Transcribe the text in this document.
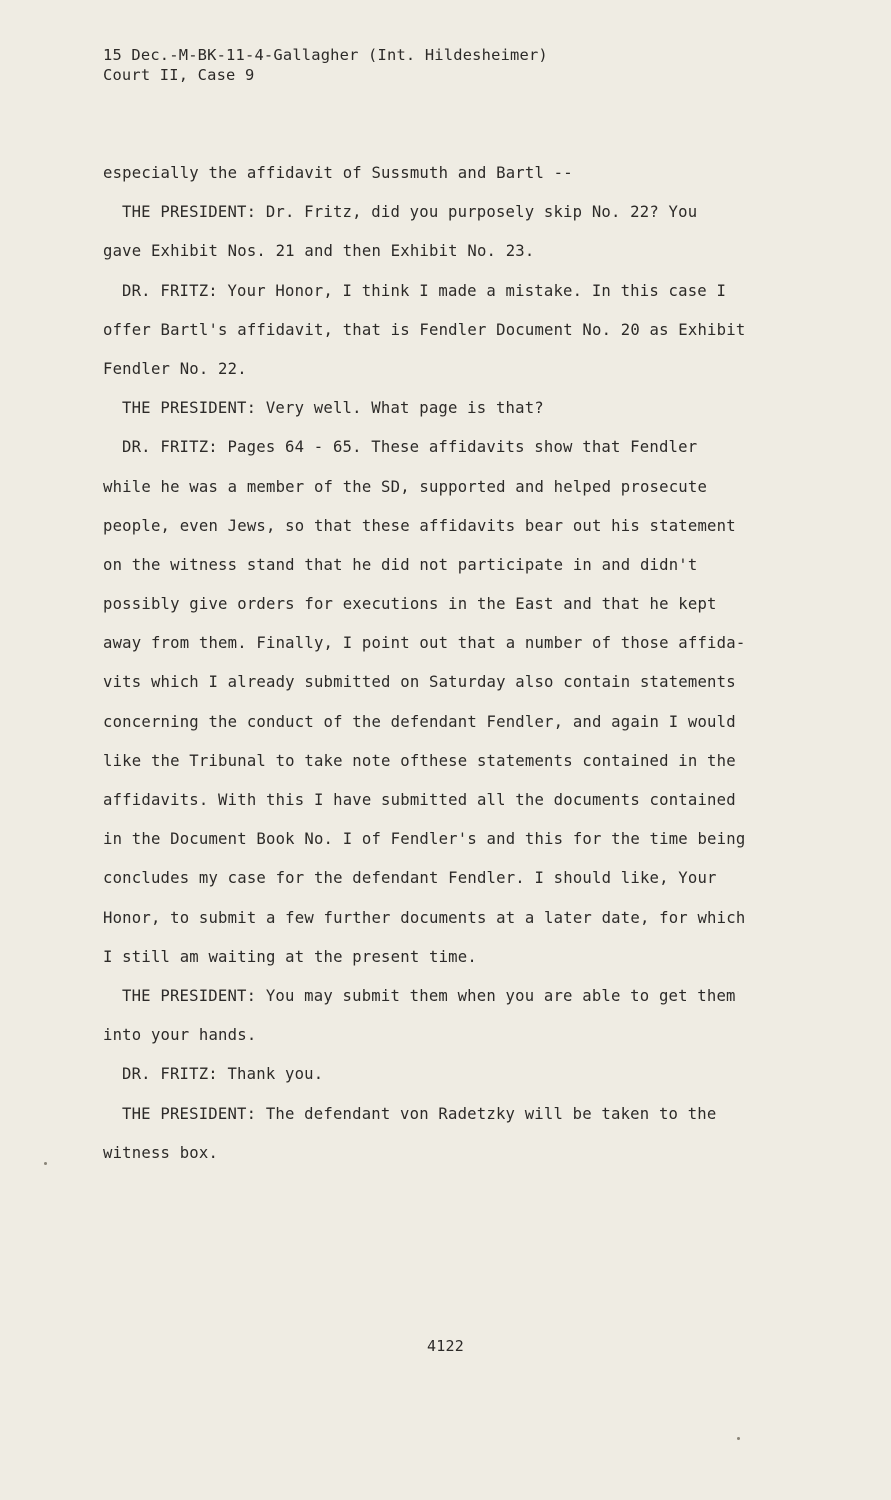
15 Dec.-M-BK-11-4-Gallagher (Int. Hildesheimer)
Court II, Case 9
especially the affidavit of Sussmuth and Bartl --
THE PRESIDENT: Dr. Fritz, did you purposely skip No. 22? You
gave Exhibit Nos. 21 and then Exhibit No. 23.
DR. FRITZ: Your Honor, I think I made a mistake. In this case I
offer Bartl's affidavit, that is Fendler Document No. 20 as Exhibit
Fendler No. 22.
THE PRESIDENT: Very well. What page is that?
DR. FRITZ: Pages 64 - 65. These affidavits show that Fendler
while he was a member of the SD, supported and helped prosecute
people, even Jews, so that these affidavits bear out his statement
on the witness stand that he did not participate in and didn't
possibly give orders for executions in the East and that he kept
away from them. Finally, I point out that a number of those affida-
vits which I already submitted on Saturday also contain statements
concerning the conduct of the defendant Fendler, and again I would
like the Tribunal to take note ofthese statements contained in the
affidavits. With this I have submitted all the documents contained
in the Document Book No. I of Fendler's and this for the time being
concludes my case for the defendant Fendler. I should like, Your
Honor, to submit a few further documents at a later date, for which
I still am waiting at the present time.
THE PRESIDENT: You may submit them when you are able to get them
into your hands.
DR. FRITZ: Thank you.
THE PRESIDENT: The defendant von Radetzky will be taken to the
witness box.
4122
